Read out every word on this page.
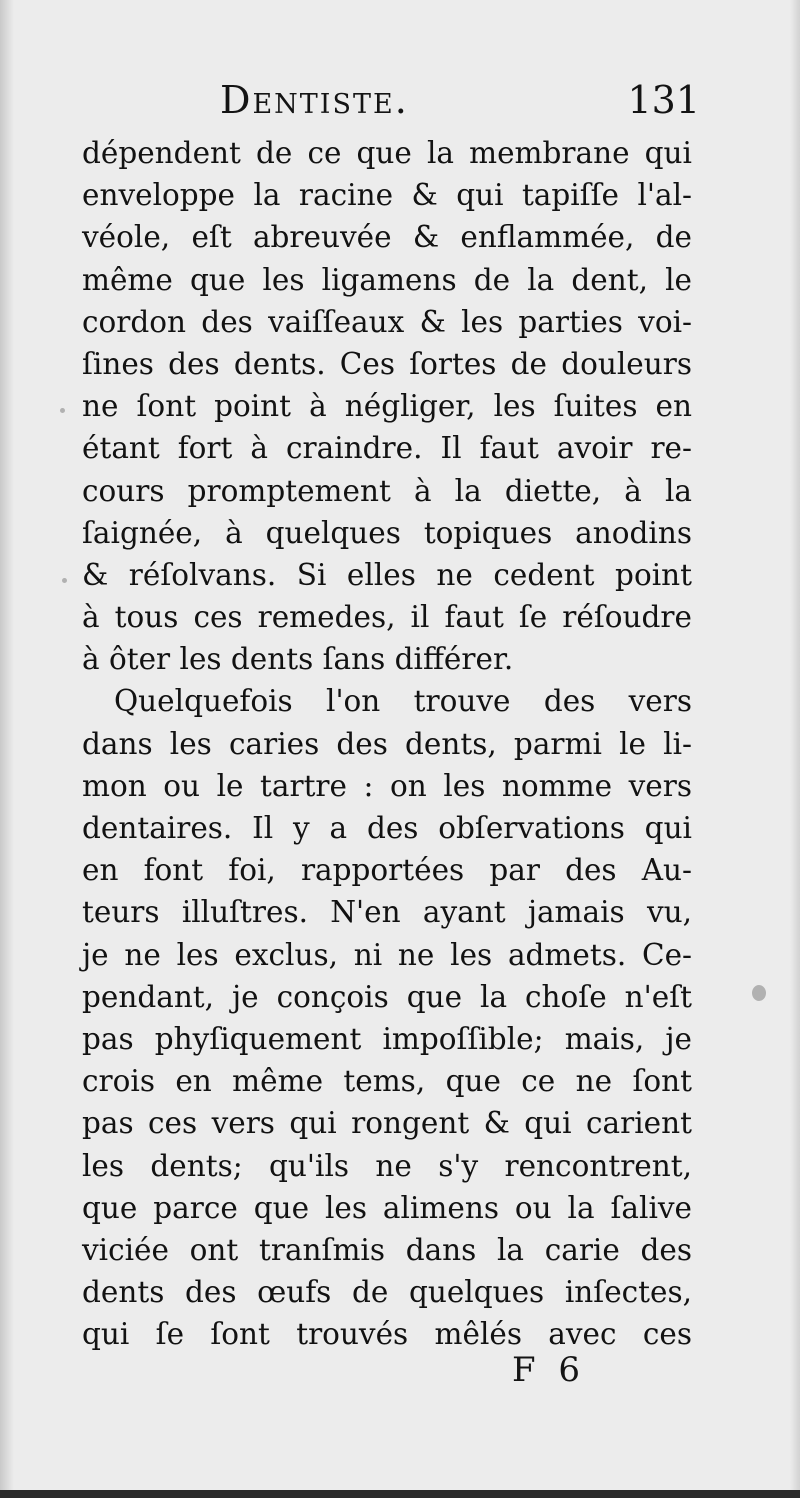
Dentiste.	131
dépendent de ce que la membrane qui
enveloppe la racine & qui tapiſſe l'al-
véole, eſt abreuvée & enflammée, de
même que les ligamens de la dent, le
cordon des vaiſſeaux & les parties voi-
ſines des dents. Ces ſortes de douleurs
ne ſont point à négliger, les ſuites en
étant fort à craindre. Il faut avoir re-
cours promptement à la diette, à la
ſaignée, à quelques topiques anodins
& réſolvans. Si elles ne cedent point
à tous ces remedes, il faut ſe réſoudre
à ôter les dents ſans différer.
Quelquefois l'on trouve des vers
dans les caries des dents, parmi le li-
mon ou le tartre : on les nomme vers
dentaires. Il y a des obſervations qui
en font foi, rapportées par des Au-
teurs illuſtres. N'en ayant jamais vu,
je ne les exclus, ni ne les admets. Ce-
pendant, je conçois que la choſe n'eſt
pas phyſiquement impoſſible; mais, je
crois en même tems, que ce ne ſont
pas ces vers qui rongent & qui carient
les dents; qu'ils ne s'y rencontrent,
que parce que les alimens ou la ſalive
viciée ont tranſmis dans la carie des
dents des œufs de quelques inſectes,
qui ſe ſont trouvés mêlés avec ces
F 6
